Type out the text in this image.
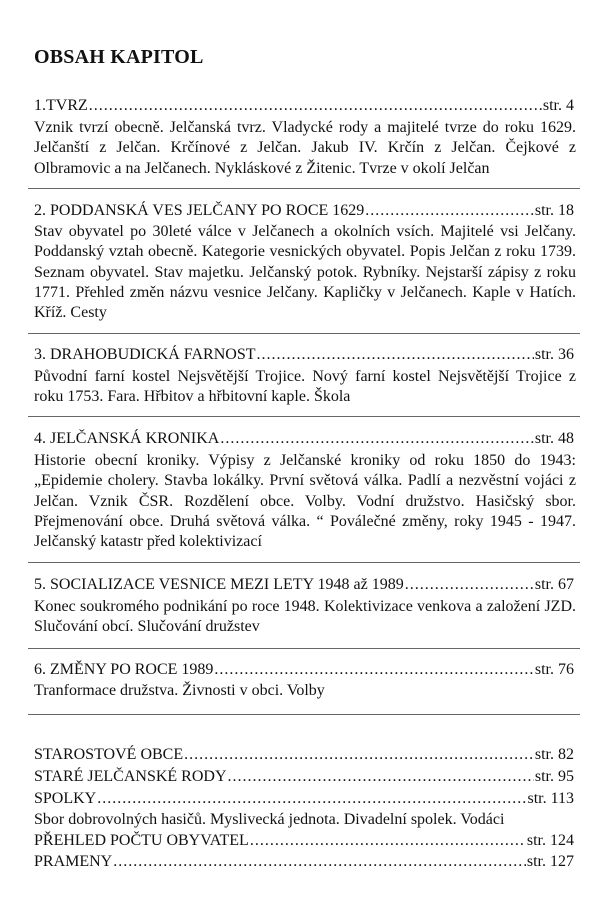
OBSAH KAPITOL
1.TVRZ .....	str. 4
Vznik tvrzí obecně. Jelčanská tvrz. Vladycké rody a majitelé tvrze do roku 1629. Jelčanští z Jelčan. Krčínové z Jelčan. Jakub IV. Krčín z Jelčan. Čejkové z Olbramovic a na Jelčanech. Nykláskové z Žitenic. Tvrze v okolí Jelčan
2. PODDANSKÁ VES JELČANY PO ROCE 1629 .....	str. 18
Stav obyvatel po 30leté válce v Jelčanech a okolních vsích. Majitelé vsi Jelčany. Poddanský vztah obecně. Kategorie vesnických obyvatel. Popis Jelčan z roku 1739. Seznam obyvatel. Stav majetku. Jelčanský potok. Rybníky. Nejstarší zápisy z roku 1771. Přehled změn názvu vesnice Jelčany. Kapličky v Jelčanech. Kaple v Hatích. Kříž. Cesty
3. DRAHOBUDICKÁ FARNOST .....	str. 36
Původní farní kostel Nejsvětější Trojice. Nový farní kostel Nejsvětější Trojice z roku 1753. Fara. Hřbitov a hřbitovní kaple. Škola
4. JELČANSKÁ KRONIKA .....	str. 48
Historie obecní kroniky. Výpisy z Jelčanské kroniky od roku 1850 do 1943: „Epidemie cholery. Stavba lokálky. První světová válka. Padlí a nezvěstní vojáci z Jelčan. Vznik ČSR. Rozdělení obce. Volby. Vodní družstvo. Hasičský sbor. Přejmenování obce. Druhá světová válka. “ Poválečné změny, roky 1945 - 1947. Jelčanský katastr před kolektivizací
5. SOCIALIZACE VESNICE MEZI LETY 1948 až 1989 .....	str. 67
Konec soukromého podnikání po roce 1948. Kolektivizace venkova a založení JZD. Slučování obcí. Slučování družstev
6. ZMĚNY PO ROCE 1989 .....	str. 76
Tranformace družstva. Živnosti v obci. Volby
STAROSTOVÉ OBCE .....	str. 82
STARÉ JELČANSKÉ RODY .....	str. 95
SPOLKY .....	str. 113
Sbor dobrovolných hasičů. Myslivecká jednota. Divadelní spolek. Vodáci
PŘEHLED POČTU OBYVATEL .....	str. 124
PRAMENY .....	str. 127
